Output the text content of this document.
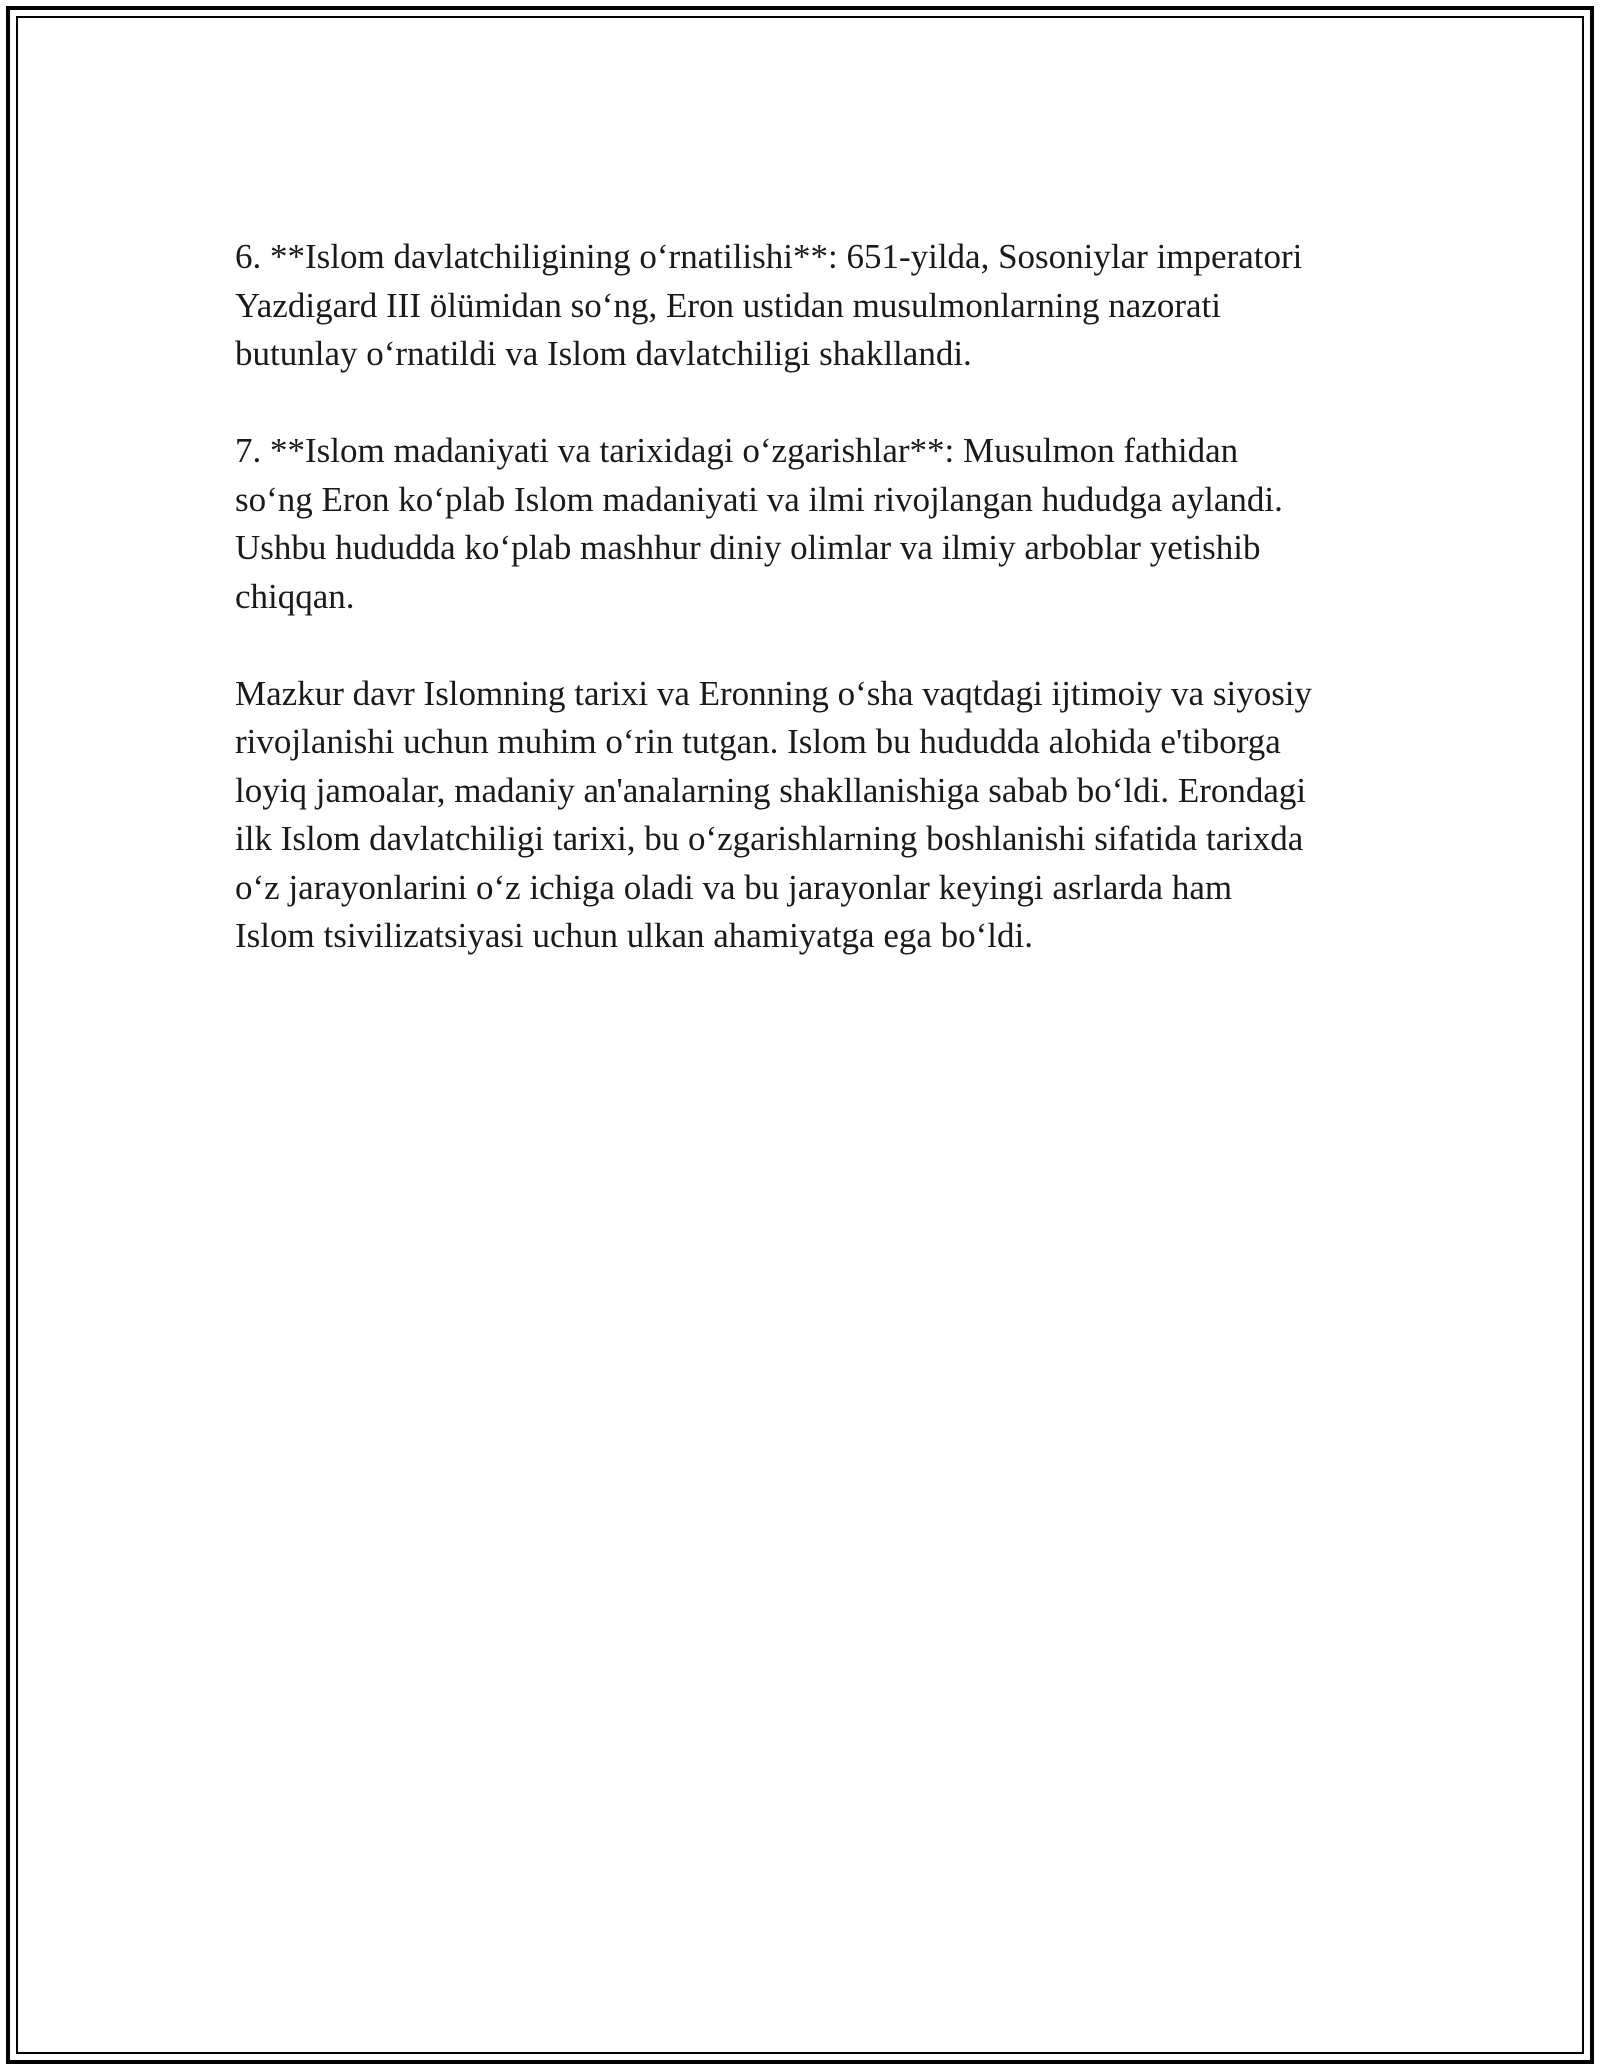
6. **Islom davlatchiligining o‘rnatilishi**: 651-yilda, Sosoniylar imperatori
Yazdigard III ölümidan so‘ng, Eron ustidan musulmonlarning nazorati
butunlay o‘rnatildi va Islom davlatchiligi shakllandi.

7. **Islom madaniyati va tarixidagi o‘zgarishlar**: Musulmon fathidan
so‘ng Eron ko‘plab Islom madaniyati va ilmi rivojlangan hududga aylandi.
Ushbu hududda ko‘plab mashhur diniy olimlar va ilmiy arboblar yetishib
chiqqan.

Mazkur davr Islomning tarixi va Eronning o‘sha vaqtdagi ijtimoiy va siyosiy
rivojlanishi uchun muhim o‘rin tutgan. Islom bu hududda alohida e'tiborga
loyiq jamoalar, madaniy an'analarning shakllanishiga sabab bo‘ldi. Erondagi
ilk Islom davlatchiligi tarixi, bu o‘zgarishlarning boshlanishi sifatida tarixda
o‘z jarayonlarini o‘z ichiga oladi va bu jarayonlar keyingi asrlarda ham
Islom tsivilizatsiyasi uchun ulkan ahamiyatga ega bo‘ldi.
